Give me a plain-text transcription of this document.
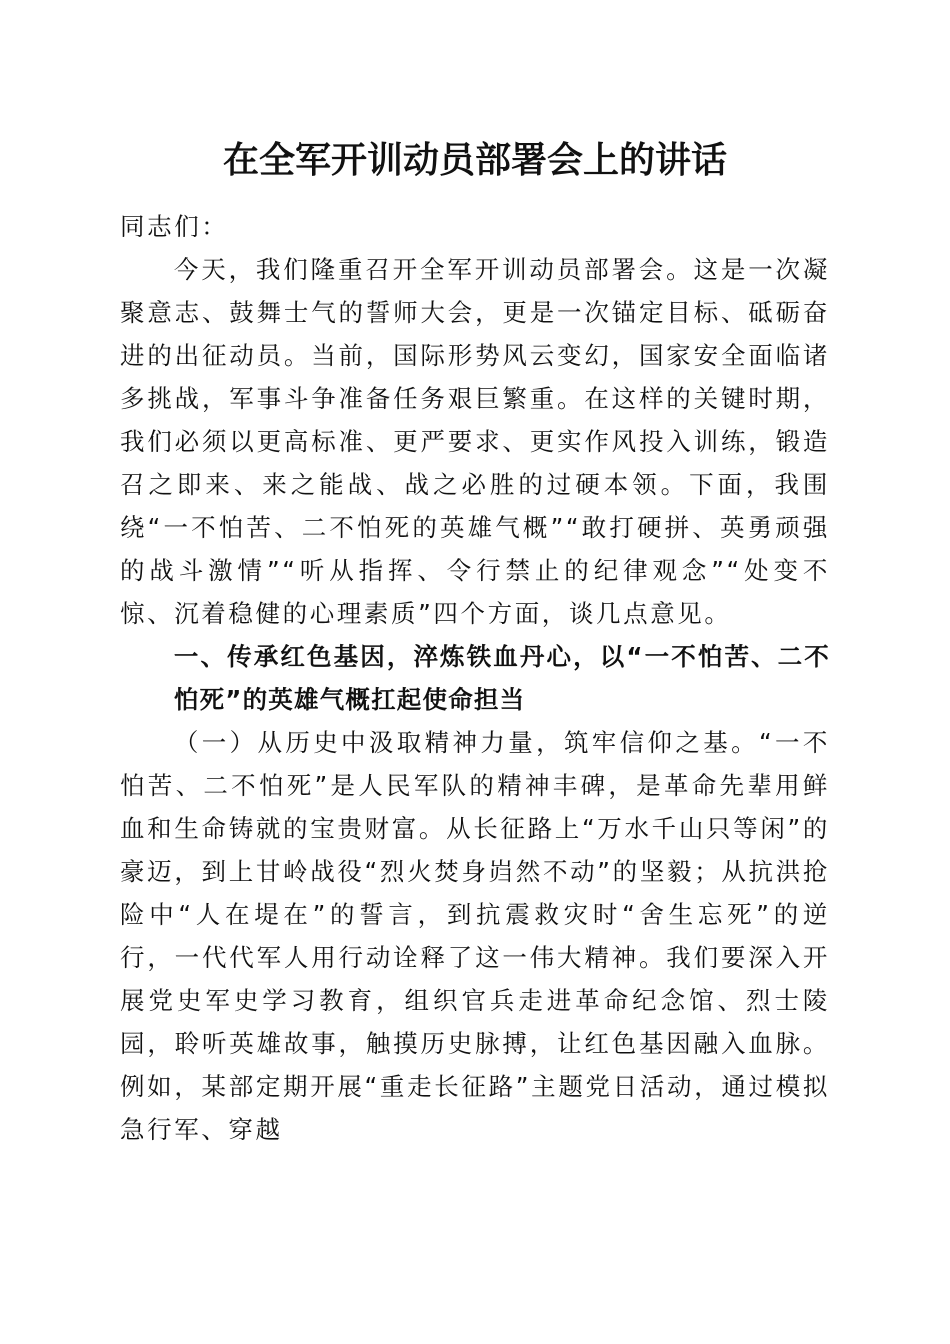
在全军开训动员部署会上的讲话

同志们：

今天，我们隆重召开全军开训动员部署会。这是一次凝聚意志、鼓舞士气的誓师大会，更是一次锚定目标、砥砺奋进的出征动员。当前，国际形势风云变幻，国家安全面临诸多挑战，军事斗争准备任务艰巨繁重。在这样的关键时期，我们必须以更高标准、更严要求、更实作风投入训练，锻造召之即来、来之能战、战之必胜的过硬本领。下面，我围绕“一不怕苦、二不怕死的英雄气概”“敢打硬拼、英勇顽强的战斗激情”“听从指挥、令行禁止的纪律观念”“处变不惊、沉着稳健的心理素质”四个方面，谈几点意见。

一、传承红色基因，淬炼铁血丹心，以“一不怕苦、二不怕死”的英雄气概扛起使命担当

（一）从历史中汲取精神力量，筑牢信仰之基。“一不怕苦、二不怕死”是人民军队的精神丰碑，是革命先辈用鲜血和生命铸就的宝贵财富。从长征路上“万水千山只等闲”的豪迈，到上甘岭战役“烈火焚身岿然不动”的坚毅；从抗洪抢险中“人在堤在”的誓言，到抗震救灾时“舍生忘死”的逆行，一代代军人用行动诠释了这一伟大精神。我们要深入开展党史军史学习教育，组织官兵走进革命纪念馆、烈士陵园，聆听英雄故事，触摸历史脉搏，让红色基因融入血脉。例如，某部定期开展“重走长征路”主题党日活动，通过模拟急行军、穿越
